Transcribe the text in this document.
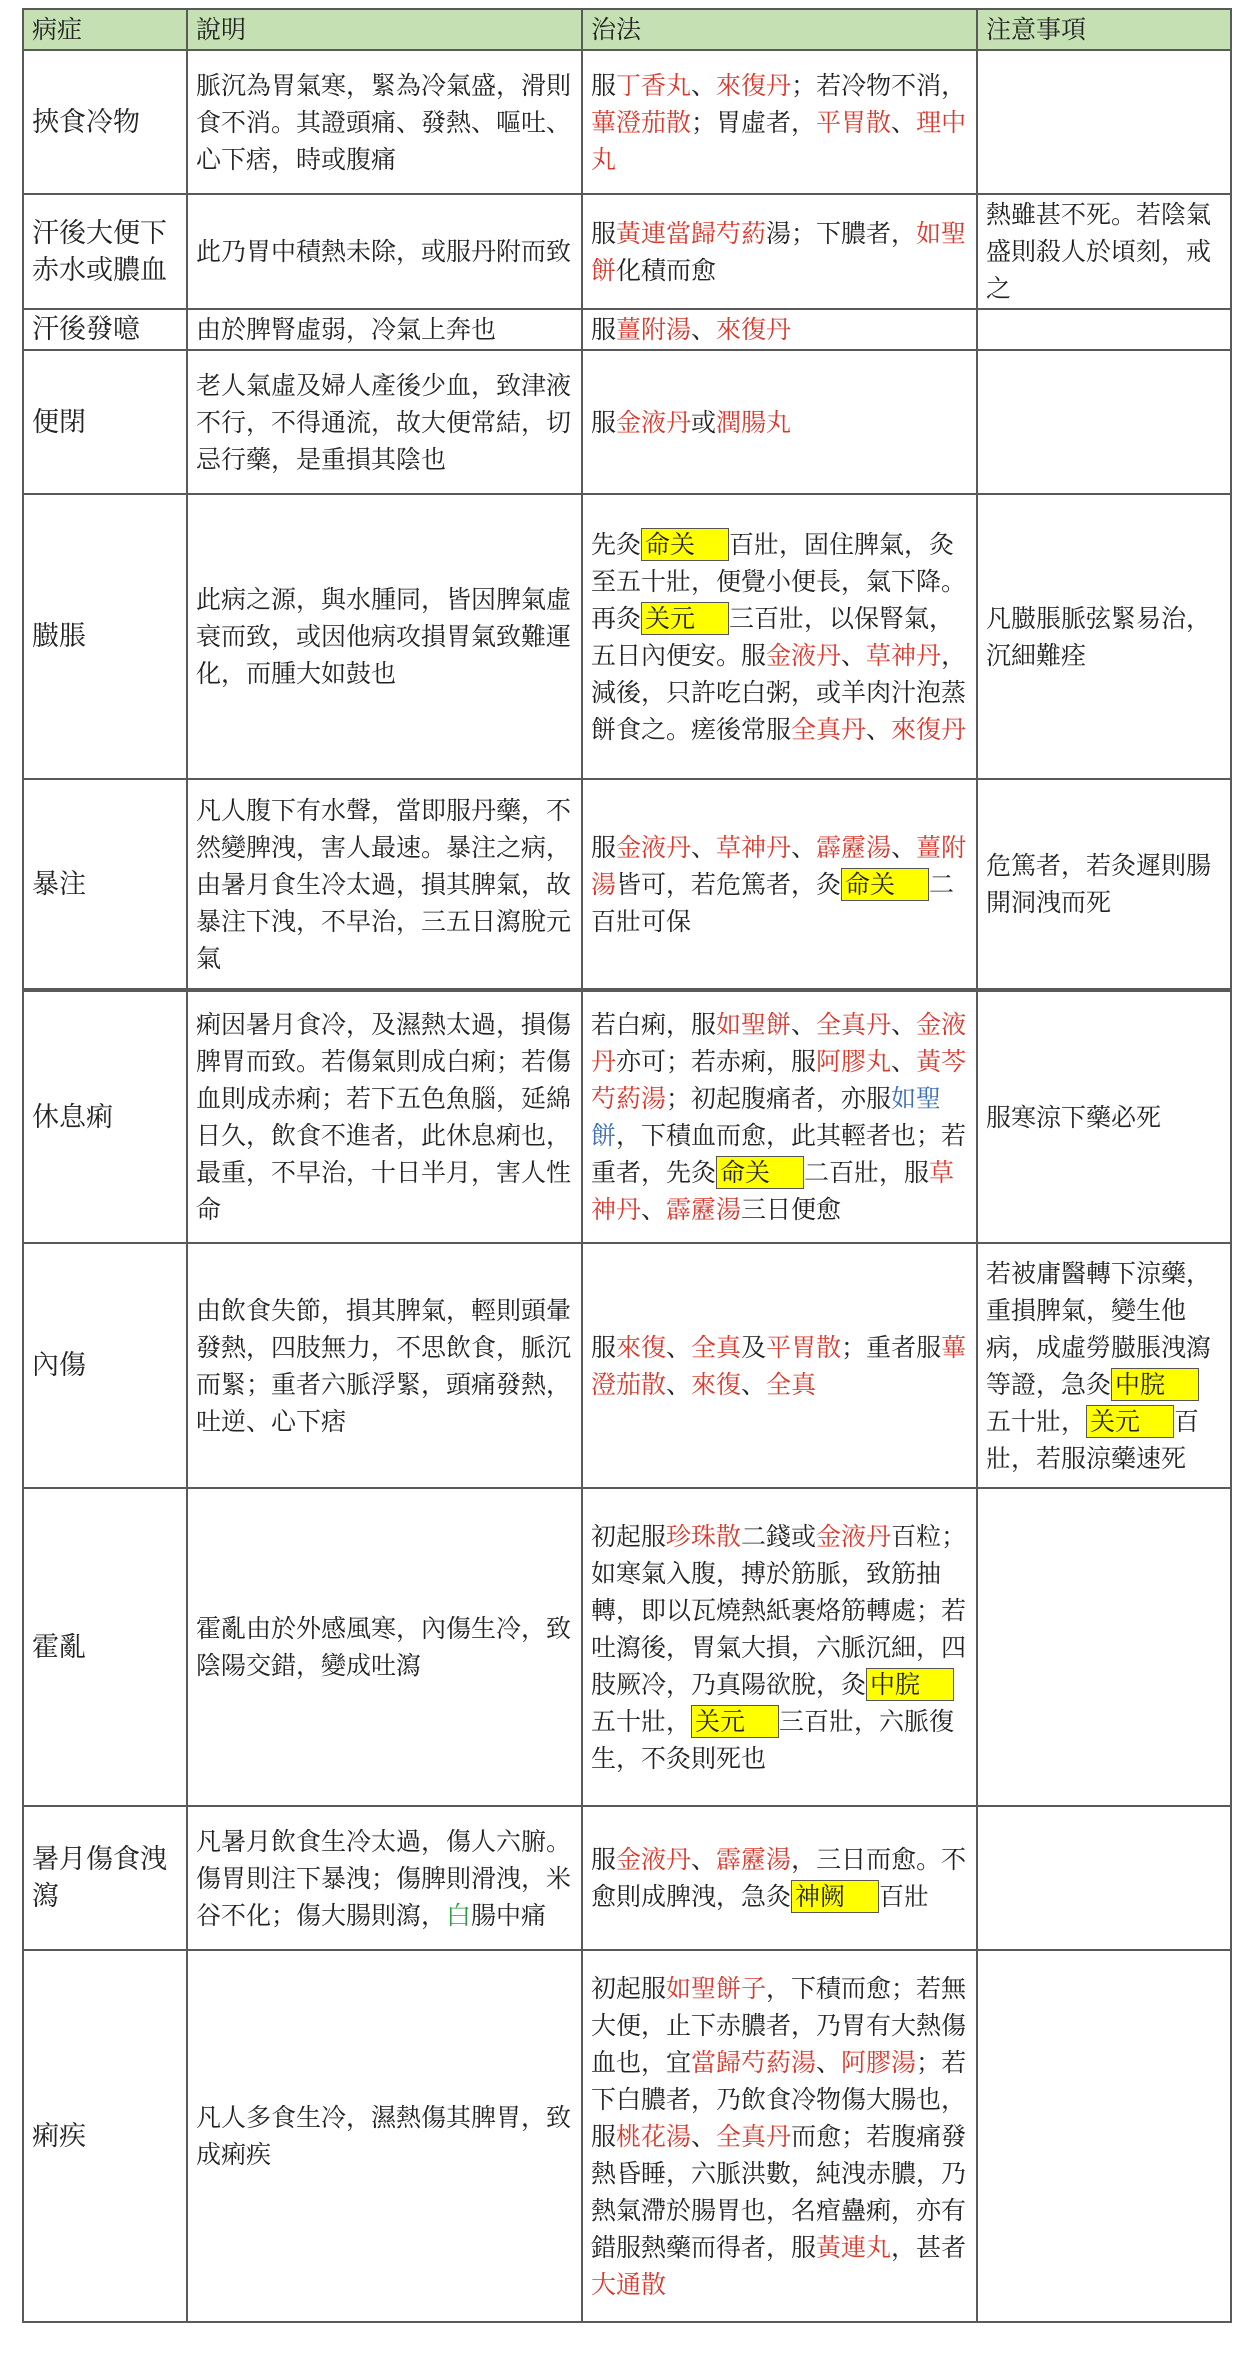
病症	說明	治法	注意事項
挾食冷物	脈沉為胃氣寒，緊為冷氣盛，滑則食不消。其證頭痛、發熱、嘔吐、心下痞，時或腹痛	服丁香丸、來復丹；若冷物不消，蓽澄茄散；胃虛者，平胃散、理中丸	
汗後大便下赤水或膿血	此乃胃中積熱未除，或服丹附而致	服黃連當歸芍葯湯；下膿者，如聖餅化積而愈	熱雖甚不死。若陰氣盛則殺人於頃刻，戒之
汗後發噫	由於脾腎虛弱，冷氣上奔也	服薑附湯、來復丹	
便閉	老人氣虛及婦人產後少血，致津液不行，不得通流，故大便常結，切忌行藥，是重損其陰也	服金液丹或潤腸丸	
臌脹	此病之源，與水腫同，皆因脾氣虛衰而致，或因他病攻損胃氣致難運化，而腫大如鼓也	先灸 命关 百壯，固住脾氣，灸至五十壯，便覺小便長，氣下降。再灸 关元 三百壯，以保腎氣，五日內便安。服金液丹、草神丹，減後，只許吃白粥，或羊肉汁泡蒸餅食之。瘥後常服全真丹、來復丹	凡臌脹脈弦緊易治，沉細難痊
暴注	凡人腹下有水聲，當即服丹藥，不然變脾洩，害人最速。暴注之病，由暑月食生冷太過，損其脾氣，故暴注下洩，不早治，三五日瀉脫元氣	服金液丹、草神丹、霹靂湯、薑附湯皆可，若危篤者，灸 命关 二百壯可保	危篤者，若灸遲則腸開洞洩而死
休息痢	痢因暑月食冷，及濕熱太過，損傷脾胃而致。若傷氣則成白痢；若傷血則成赤痢；若下五色魚腦，延綿日久，飲食不進者，此休息痢也，最重，不早治，十日半月，害人性命	若白痢，服如聖餅、全真丹、金液丹亦可；若赤痢，服阿膠丸、黃芩芍葯湯；初起腹痛者，亦服如聖餅，下積血而愈，此其輕者也；若重者，先灸 命关 二百壯，服草神丹、霹靂湯三日便愈	服寒涼下藥必死
內傷	由飲食失節，損其脾氣，輕則頭暈發熱，四肢無力，不思飲食，脈沉而緊；重者六脈浮緊，頭痛發熱，吐逆、心下痞	服來復、全真及平胃散；重者服蓽澄茄散、來復、全真	若被庸醫轉下涼藥，重損脾氣，變生他病，成虛勞臌脹洩瀉等證，急灸 中脘五十壯， 关元 百壯，若服涼藥速死
霍亂	霍亂由於外感風寒，內傷生冷，致陰陽交錯，變成吐瀉	初起服珍珠散二錢或金液丹百粒；如寒氣入腹，搏於筋脈，致筋抽轉，即以瓦燒熱紙裹烙筋轉處；若吐瀉後，胃氣大損，六脈沉細，四肢厥冷，乃真陽欲脫，灸 中脘五十壯， 关元 三百壯，六脈復生，不灸則死也	
暑月傷食洩瀉	凡暑月飲食生冷太過，傷人六腑。傷胃則注下暴洩；傷脾則滑洩，米谷不化；傷大腸則瀉，白腸中痛	服金液丹、霹靂湯，三日而愈。不愈則成脾洩，急灸 神阙 百壯	
痢疾	凡人多食生冷，濕熱傷其脾胃，致成痢疾	初起服如聖餅子，下積而愈；若無大便，止下赤膿者，乃胃有大熱傷血也，宜當歸芍葯湯、阿膠湯；若下白膿者，乃飲食冷物傷大腸也，服桃花湯、全真丹而愈；若腹痛發熱昏睡，六脈洪數，純洩赤膿，乃熱氣滯於腸胃也，名痯蠱痢，亦有錯服熱藥而得者，服黃連丸，甚者大通散	
